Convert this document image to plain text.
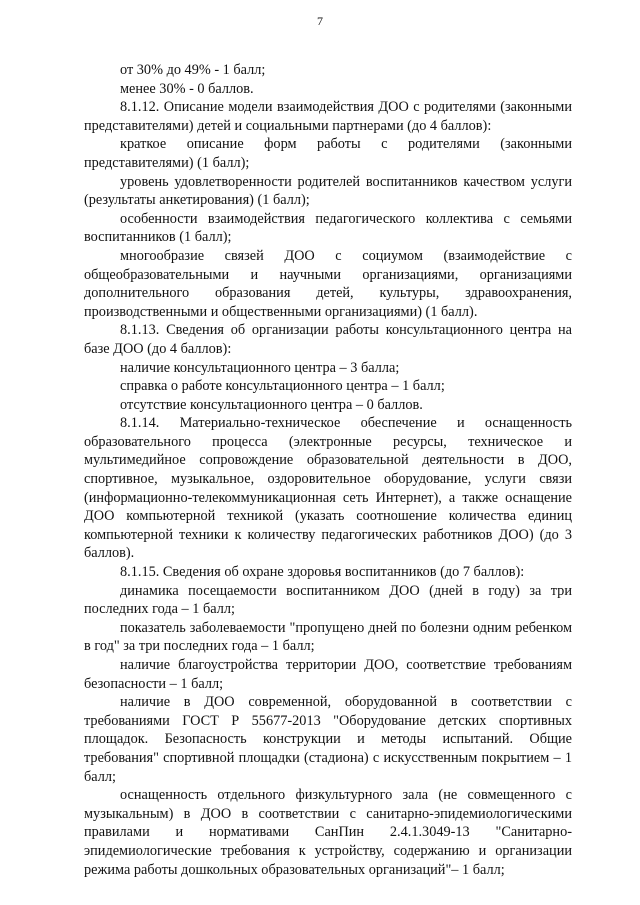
7

от 30% до 49% - 1 балл;

менее 30% - 0 баллов.

8.1.12. Описание модели взаимодействия ДОО с родителями (законными представителями) детей и социальными партнерами (до 4 баллов):

краткое описание форм работы с родителями (законными представителями) (1 балл);

уровень удовлетворенности родителей воспитанников качеством услуги (результаты анкетирования) (1 балл);

особенности взаимодействия педагогического коллектива с семьями воспитанников (1 балл);

многообразие связей ДОО с социумом (взаимодействие с общеобразовательными и научными организациями, организациями дополнительного образования детей, культуры, здравоохранения, производственными и общественными организациями) (1 балл).

8.1.13. Сведения об организации работы консультационного центра на базе ДОО (до 4 баллов):

наличие консультационного центра – 3 балла;

справка о работе консультационного центра – 1 балл;

отсутствие консультационного центра – 0 баллов.

8.1.14. Материально-техническое обеспечение и оснащенность образовательного процесса (электронные ресурсы, техническое и мультимедийное сопровождение образовательной деятельности в ДОО, спортивное, музыкальное, оздоровительное оборудование, услуги связи (информационно-телекоммуникационная сеть Интернет), а также оснащение ДОО компьютерной техникой (указать соотношение количества единиц компьютерной техники к количеству педагогических работников ДОО) (до 3 баллов).

8.1.15. Сведения об охране здоровья воспитанников (до 7 баллов):

динамика посещаемости воспитанником ДОО (дней в году) за три последних года – 1 балл;

показатель заболеваемости "пропущено дней по болезни одним ребенком в год" за три последних года – 1 балл;

наличие благоустройства территории ДОО, соответствие требованиям безопасности – 1 балл;

наличие в ДОО современной, оборудованной в соответствии с требованиями ГОСТ Р 55677-2013 "Оборудование детских спортивных площадок. Безопасность конструкции и методы испытаний. Общие требования" спортивной площадки (стадиона) с искусственным покрытием – 1 балл;

оснащенность отдельного физкультурного зала (не совмещенного с музыкальным) в ДОО в соответствии с санитарно-эпидемиологическими правилами и нормативами СанПин 2.4.1.3049-13 "Санитарно-эпидемиологические требования к устройству, содержанию и организации режима работы дошкольных образовательных организаций"– 1 балл;
